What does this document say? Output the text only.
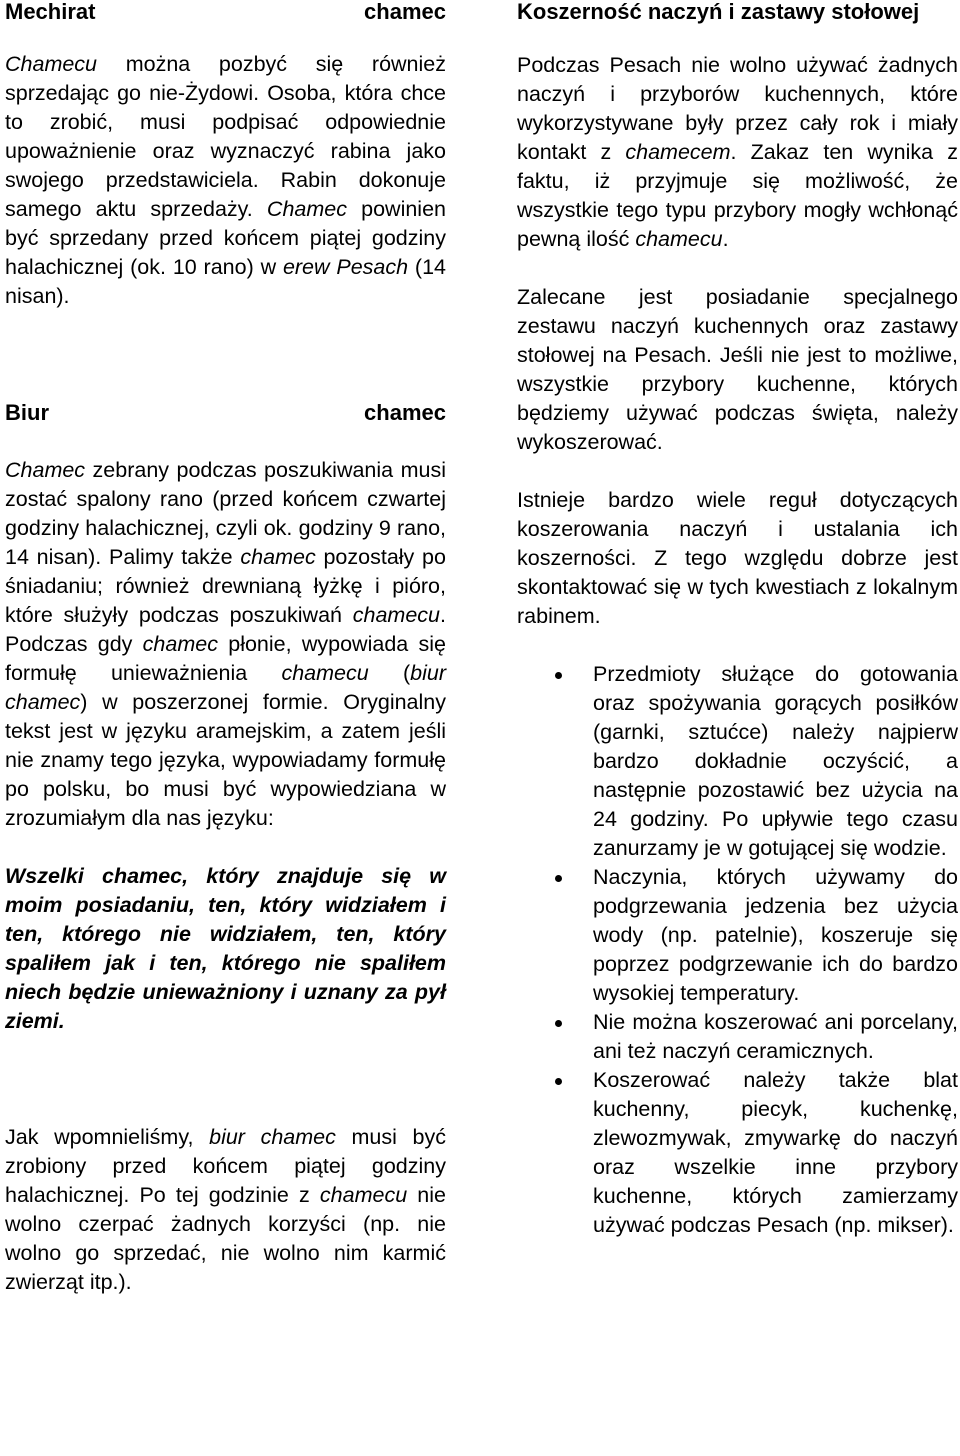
Mechirat chamec
Chamecu można pozbyć się również sprzedając go nie-Żydowi. Osoba, która chce to zrobić, musi podpisać odpowiednie upoważnienie oraz wyznaczyć rabina jako swojego przedstawiciela. Rabin dokonuje samego aktu sprzedaży. Chamec powinien być sprzedany przed końcem piątej godziny halachicznej (ok. 10 rano) w erew Pesach (14 nisan).
Biur chamec
Chamec zebrany podczas poszukiwania musi zostać spalony rano (przed końcem czwartej godziny halachicznej, czyli ok. godziny 9 rano, 14 nisan). Palimy także chamec pozostały po śniadaniu; również drewnianą łyżkę i pióro, które służyły podczas poszukiwań chamecu. Podczas gdy chamec płonie, wypowiada się formułę unieważnienia chamecu (biur chamec) w poszerzonej formie. Oryginalny tekst jest w języku aramejskim, a zatem jeśli nie znamy tego języka, wypowiadamy formułę po polsku, bo musi być wypowiedziana w zrozumiałym dla nas języku:
Wszelki chamec, który znajduje się w moim posiadaniu, ten, który widziałem i ten, którego nie widziałem, ten, który spaliłem jak i ten, którego nie spaliłem niech będzie unieważniony i uznany za pył ziemi.
Jak wpomnieliśmy, biur chamec musi być zrobiony przed końcem piątej godziny halachicznej. Po tej godzinie z chamecu nie wolno czerpać żadnych korzyści (np. nie wolno go sprzedać, nie wolno nim karmić zwierząt itp.).
Koszerność naczyń i zastawy stołowej
Podczas Pesach nie wolno używać żadnych naczyń i przyborów kuchennych, które wykorzystywane były przez cały rok i miały kontakt z chamecem. Zakaz ten wynika z faktu, iż przyjmuje się możliwość, że wszystkie tego typu przybory mogły wchłonąć pewną ilość chamecu.
Zalecane jest posiadanie specjalnego zestawu naczyń kuchennych oraz zastawy stołowej na Pesach. Jeśli nie jest to możliwe, wszystkie przybory kuchenne, których będziemy używać podczas święta, należy wykoszerować.
Istnieje bardzo wiele reguł dotyczących koszerowania naczyń i ustalania ich koszerności. Z tego względu dobrze jest skontaktować się w tych kwestiach z lokalnym rabinem.
Przedmioty służące do gotowania oraz spożywania gorących posiłków (garnki, sztućce) należy najpierw bardzo dokładnie oczyścić, a następnie pozostawić bez użycia na 24 godziny. Po upływie tego czasu zanurzamy je w gotującej się wodzie.
Naczynia, których używamy do podgrzewania jedzenia bez użycia wody (np. patelnie), koszeruje się poprzez podgrzewanie ich do bardzo wysokiej temperatury.
Nie można koszerować ani porcelany, ani też naczyń ceramicznych.
Koszerować należy także blat kuchenny, piecyk, kuchenkę, zlewozmywak, zmywarkę do naczyń oraz wszelkie inne przybory kuchenne, których zamierzamy używać podczas Pesach (np. mikser).
